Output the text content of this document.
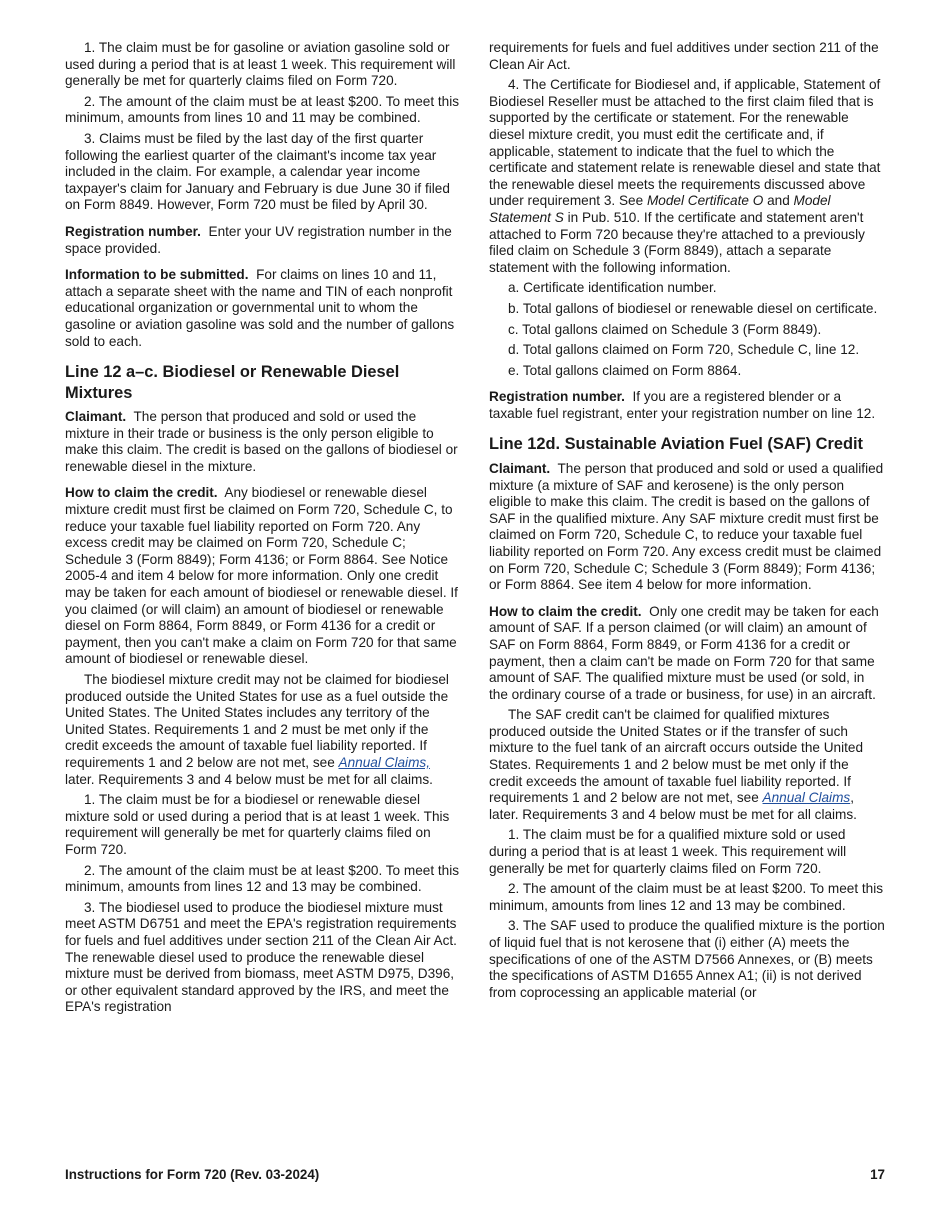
1. The claim must be for gasoline or aviation gasoline sold or used during a period that is at least 1 week. This requirement will generally be met for quarterly claims filed on Form 720.

2. The amount of the claim must be at least $200. To meet this minimum, amounts from lines 10 and 11 may be combined.

3. Claims must be filed by the last day of the first quarter following the earliest quarter of the claimant's income tax year included in the claim. For example, a calendar year income taxpayer's claim for January and February is due June 30 if filed on Form 8849. However, Form 720 must be filed by April 30.

Registration number. Enter your UV registration number in the space provided.

Information to be submitted. For claims on lines 10 and 11, attach a separate sheet with the name and TIN of each nonprofit educational organization or governmental unit to whom the gasoline or aviation gasoline was sold and the number of gallons sold to each.

Line 12 a–c. Biodiesel or Renewable Diesel Mixtures

Claimant. The person that produced and sold or used the mixture in their trade or business is the only person eligible to make this claim. The credit is based on the gallons of biodiesel or renewable diesel in the mixture.

How to claim the credit. Any biodiesel or renewable diesel mixture credit must first be claimed on Form 720, Schedule C, to reduce your taxable fuel liability reported on Form 720. Any excess credit may be claimed on Form 720, Schedule C; Schedule 3 (Form 8849); Form 4136; or Form 8864. See Notice 2005-4 and item 4 below for more information. Only one credit may be taken for each amount of biodiesel or renewable diesel. If you claimed (or will claim) an amount of biodiesel or renewable diesel on Form 8864, Form 8849, or Form 4136 for a credit or payment, then you can't make a claim on Form 720 for that same amount of biodiesel or renewable diesel.

The biodiesel mixture credit may not be claimed for biodiesel produced outside the United States for use as a fuel outside the United States. The United States includes any territory of the United States. Requirements 1 and 2 must be met only if the credit exceeds the amount of taxable fuel liability reported. If requirements 1 and 2 below are not met, see Annual Claims, later. Requirements 3 and 4 below must be met for all claims.

1. The claim must be for a biodiesel or renewable diesel mixture sold or used during a period that is at least 1 week. This requirement will generally be met for quarterly claims filed on Form 720.

2. The amount of the claim must be at least $200. To meet this minimum, amounts from lines 12 and 13 may be combined.

3. The biodiesel used to produce the biodiesel mixture must meet ASTM D6751 and meet the EPA's registration requirements for fuels and fuel additives under section 211 of the Clean Air Act. The renewable diesel used to produce the renewable diesel mixture must be derived from biomass, meet ASTM D975, D396, or other equivalent standard approved by the IRS, and meet the EPA's registration

requirements for fuels and fuel additives under section 211 of the Clean Air Act.

4. The Certificate for Biodiesel and, if applicable, Statement of Biodiesel Reseller must be attached to the first claim filed that is supported by the certificate or statement. For the renewable diesel mixture credit, you must edit the certificate and, if applicable, statement to indicate that the fuel to which the certificate and statement relate is renewable diesel and state that the renewable diesel meets the requirements discussed above under requirement 3. See Model Certificate O and Model Statement S in Pub. 510. If the certificate and statement aren't attached to Form 720 because they're attached to a previously filed claim on Schedule 3 (Form 8849), attach a separate statement with the following information.

a. Certificate identification number.

b. Total gallons of biodiesel or renewable diesel on certificate.

c. Total gallons claimed on Schedule 3 (Form 8849).

d. Total gallons claimed on Form 720, Schedule C, line 12.

e. Total gallons claimed on Form 8864.

Registration number. If you are a registered blender or a taxable fuel registrant, enter your registration number on line 12.

Line 12d. Sustainable Aviation Fuel (SAF) Credit

Claimant. The person that produced and sold or used a qualified mixture (a mixture of SAF and kerosene) is the only person eligible to make this claim. The credit is based on the gallons of SAF in the qualified mixture. Any SAF mixture credit must first be claimed on Form 720, Schedule C, to reduce your taxable fuel liability reported on Form 720. Any excess credit must be claimed on Form 720, Schedule C; Schedule 3 (Form 8849); Form 4136; or Form 8864. See item 4 below for more information.

How to claim the credit. Only one credit may be taken for each amount of SAF. If a person claimed (or will claim) an amount of SAF on Form 8864, Form 8849, or Form 4136 for a credit or payment, then a claim can't be made on Form 720 for that same amount of SAF. The qualified mixture must be used (or sold, in the ordinary course of a trade or business, for use) in an aircraft.

The SAF credit can't be claimed for qualified mixtures produced outside the United States or if the transfer of such mixture to the fuel tank of an aircraft occurs outside the United States. Requirements 1 and 2 below must be met only if the credit exceeds the amount of taxable fuel liability reported. If requirements 1 and 2 below are not met, see Annual Claims, later. Requirements 3 and 4 below must be met for all claims.

1. The claim must be for a qualified mixture sold or used during a period that is at least 1 week. This requirement will generally be met for quarterly claims filed on Form 720.

2. The amount of the claim must be at least $200. To meet this minimum, amounts from lines 12 and 13 may be combined.

3. The SAF used to produce the qualified mixture is the portion of liquid fuel that is not kerosene that (i) either (A) meets the specifications of one of the ASTM D7566 Annexes, or (B) meets the specifications of ASTM D1655 Annex A1; (ii) is not derived from coprocessing an applicable material (or

Instructions for Form 720 (Rev. 03-2024)	17
